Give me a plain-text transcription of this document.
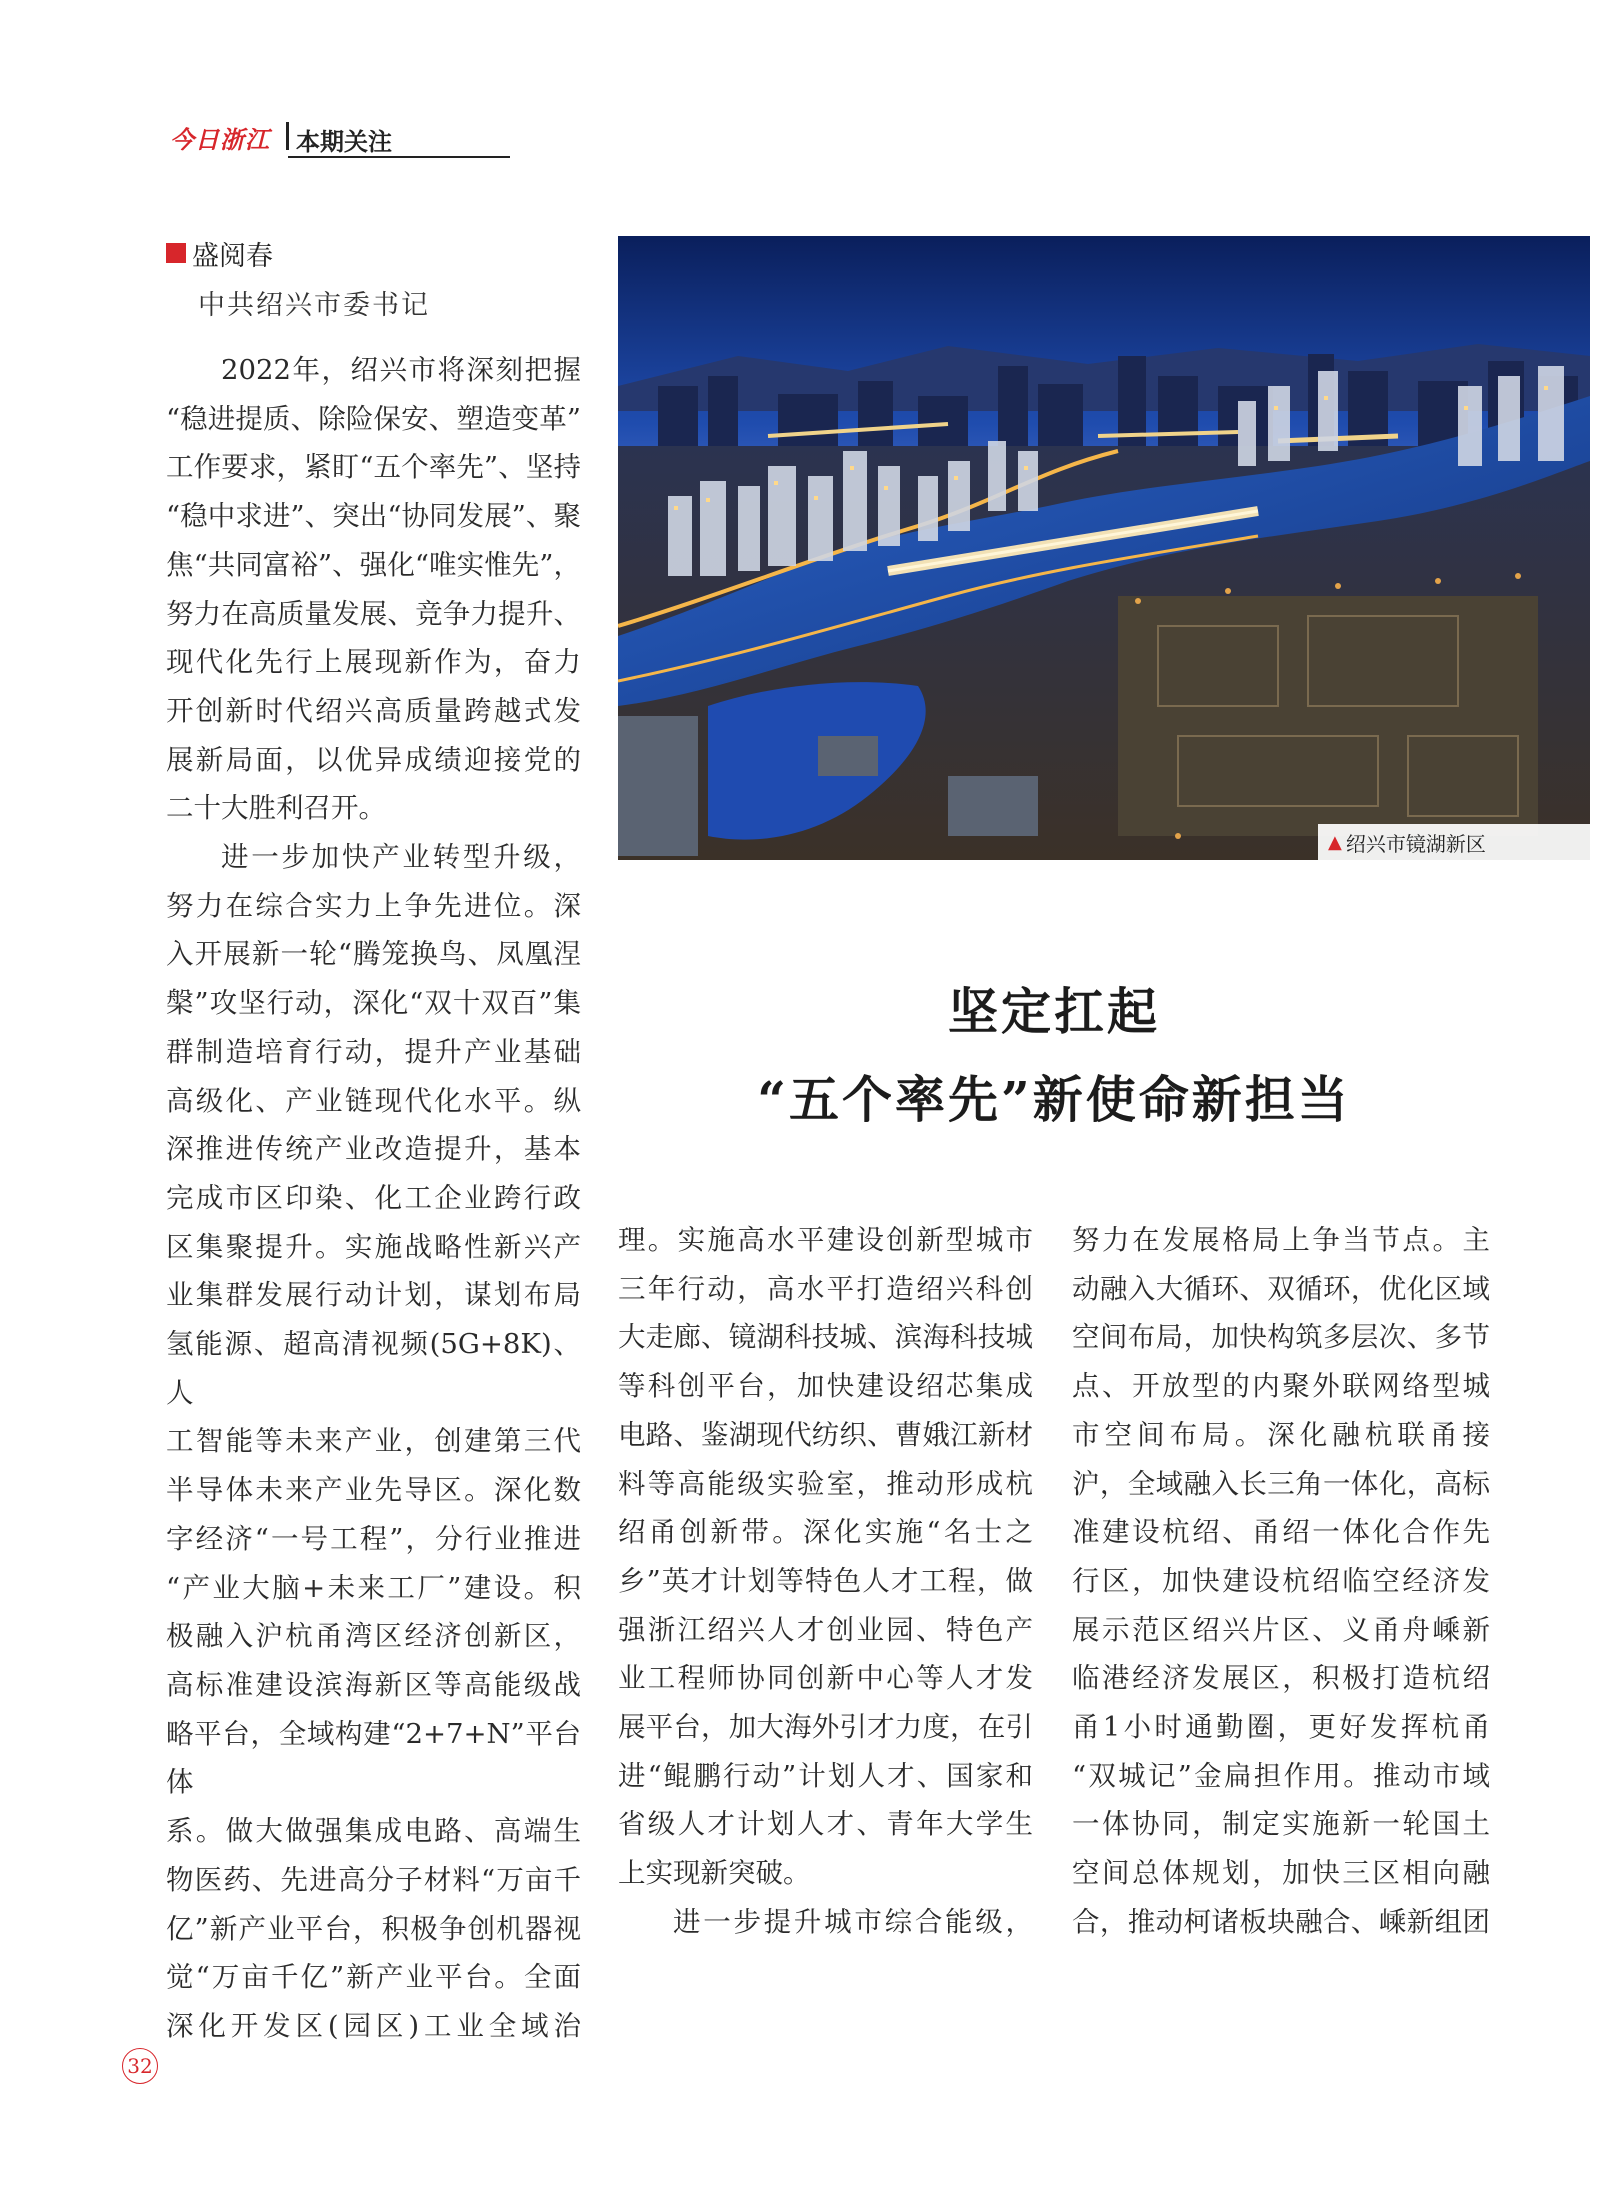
今日浙江 本期关注
盛阅春
中共绍兴市委书记

2022年，绍兴市将深刻把握

“稳进提质、除险保安、塑造变革”

工作要求，紧盯“五个率先”、坚持

“稳中求进”、突出“协同发展”、聚

焦“共同富裕”、强化“唯实惟先”，

努力在高质量发展、竞争力提升、

现代化先行上展现新作为，奋力

开创新时代绍兴高质量跨越式发

展新局面，以优异成绩迎接党的

二十大胜利召开。

进一步加快产业转型升级，

努力在综合实力上争先进位。深

入开展新一轮“腾笼换鸟、凤凰涅

槃”攻坚行动，深化“双十双百”集

群制造培育行动，提升产业基础

高级化、产业链现代化水平。纵

深推进传统产业改造提升，基本

完成市区印染、化工企业跨行政

区集聚提升。实施战略性新兴产

业集群发展行动计划，谋划布局

氢能源、超高清视频(5G+8K)、人

工智能等未来产业，创建第三代

半导体未来产业先导区。深化数

字经济“一号工程”，分行业推进

“产业大脑+未来工厂”建设。积

极融入沪杭甬湾区经济创新区，

高标准建设滨海新区等高能级战

略平台，全域构建“2+7+N”平台体

系。做大做强集成电路、高端生

物医药、先进高分子材料“万亩千

亿”新产业平台，积极争创机器视

觉“万亩千亿”新产业平台。全面

深化开发区(园区)工业全域治

▲ 绍兴市镜湖新区
坚定扛起
“五个率先”新使命新担当

理。实施高水平建设创新型城市

三年行动，高水平打造绍兴科创

大走廊、镜湖科技城、滨海科技城

等科创平台，加快建设绍芯集成

电路、鉴湖现代纺织、曹娥江新材

料等高能级实验室，推动形成杭

绍甬创新带。深化实施“名士之

乡”英才计划等特色人才工程，做

强浙江绍兴人才创业园、特色产

业工程师协同创新中心等人才发

展平台，加大海外引才力度，在引

进“鲲鹏行动”计划人才、国家和

省级人才计划人才、青年大学生

上实现新突破。

进一步提升城市综合能级，

努力在发展格局上争当节点。主

动融入大循环、双循环，优化区域

空间布局，加快构筑多层次、多节

点、开放型的内聚外联网络型城

市空间布局。深化融杭联甬接

沪，全域融入长三角一体化，高标

准建设杭绍、甬绍一体化合作先

行区，加快建设杭绍临空经济发

展示范区绍兴片区、义甬舟嵊新

临港经济发展区，积极打造杭绍

甬1小时通勤圈，更好发挥杭甬

“双城记”金扁担作用。推动市域

一体协同，制定实施新一轮国土

空间总体规划，加快三区相向融

合，推动柯诸板块融合、嵊新组团

32
